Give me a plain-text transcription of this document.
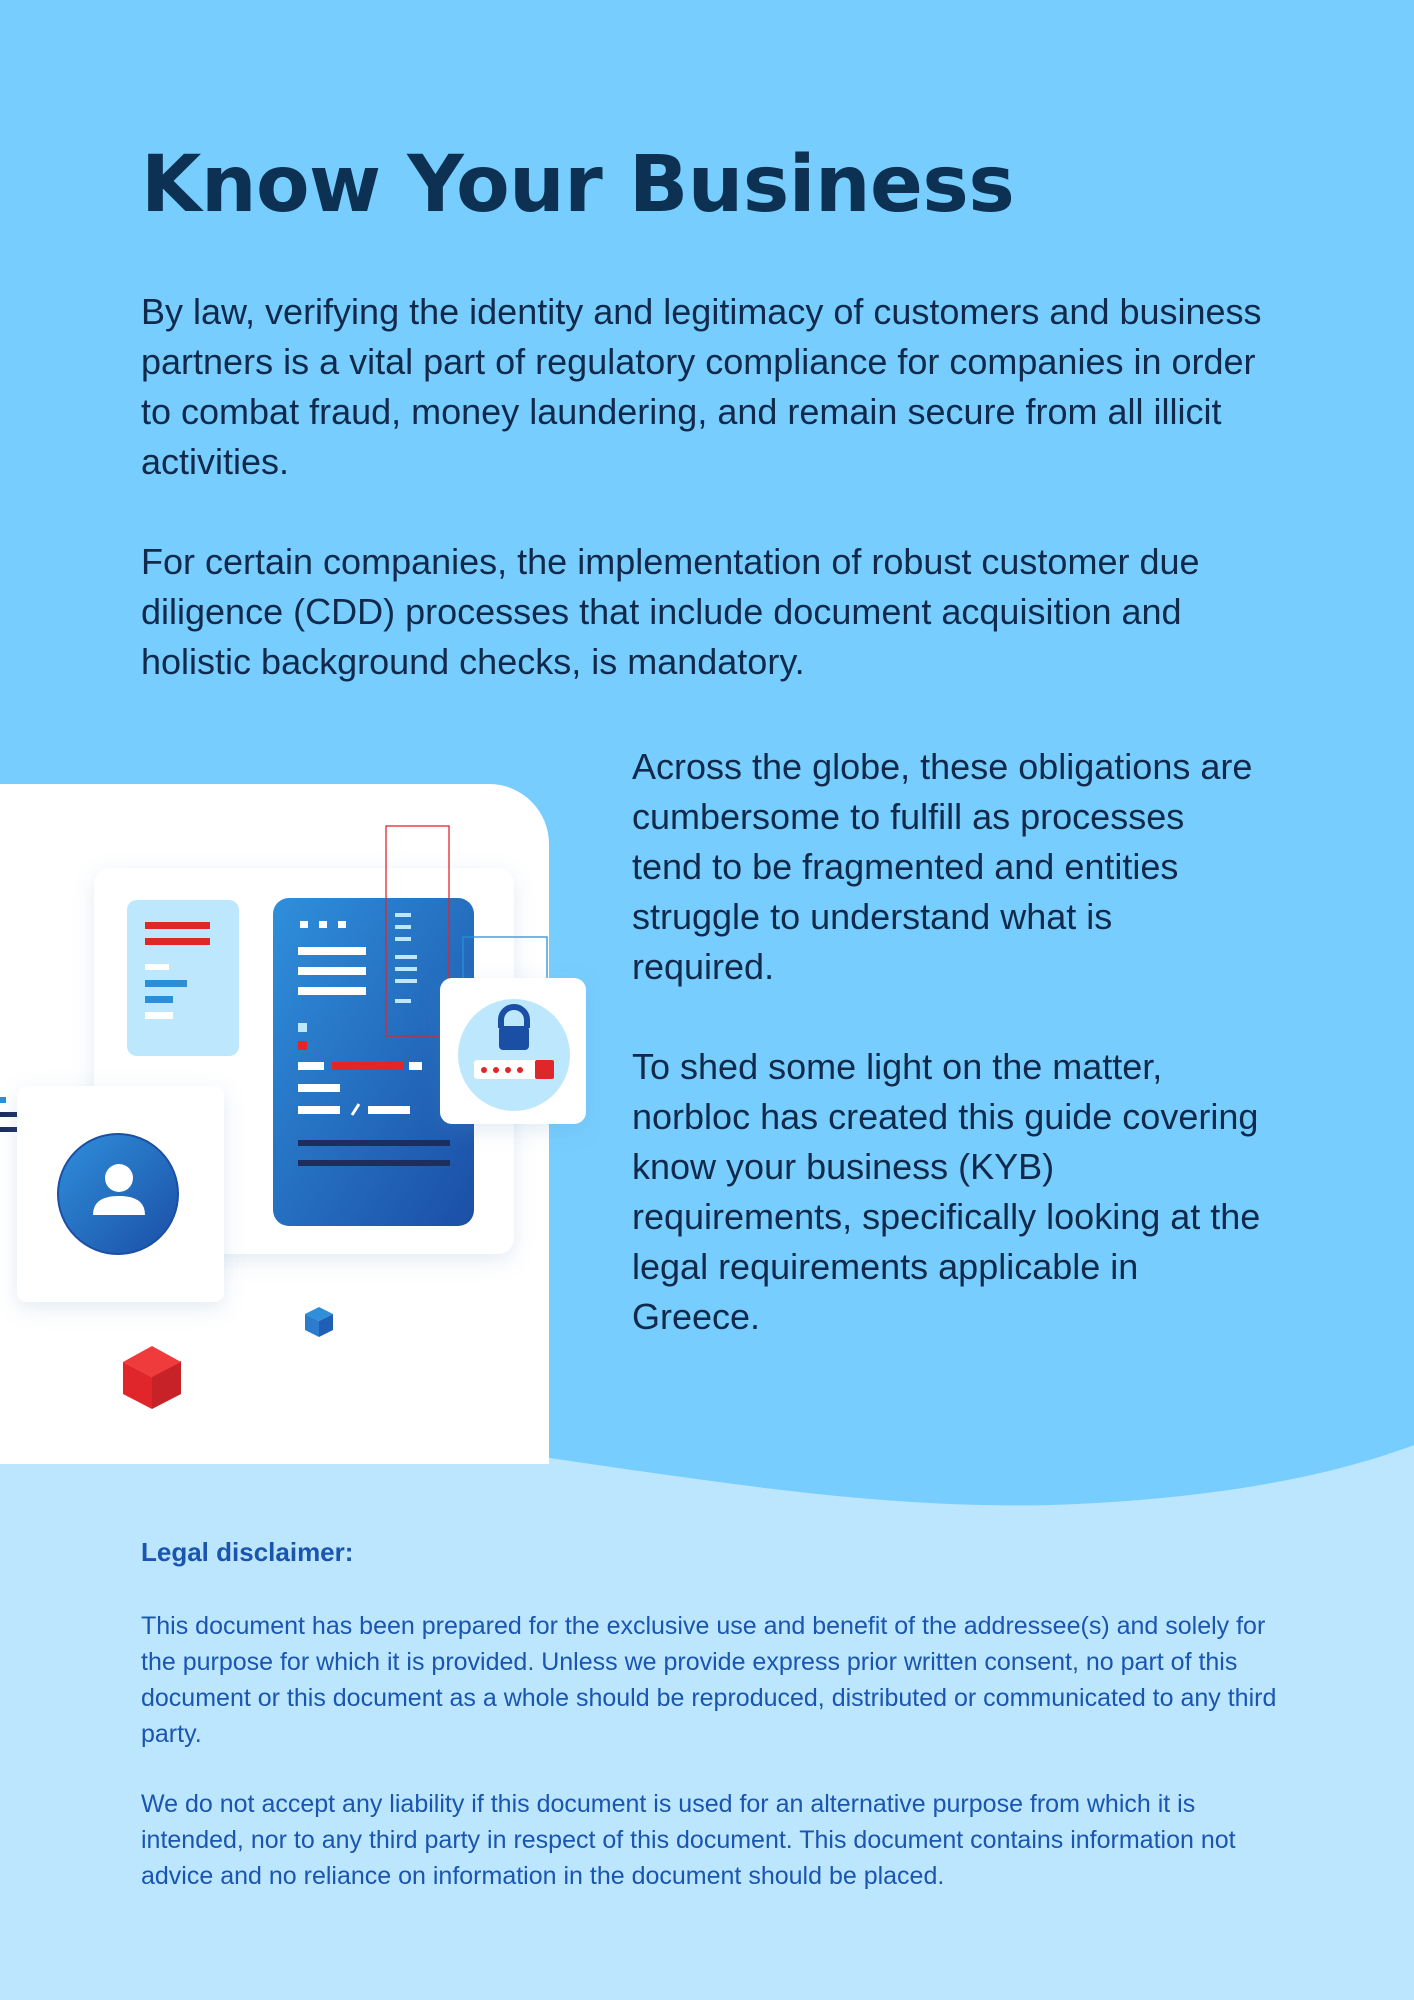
Know Your Business

By law, verifying the identity and legitimacy of customers and business partners is a vital part of regulatory compliance for companies in order to combat fraud, money laundering, and remain secure from all illicit activities.

For certain companies, the implementation of robust customer due diligence (CDD) processes that include document acquisition and holistic background checks, is mandatory.

Across the globe, these obligations are cumbersome to fulfill as processes tend to be fragmented and entities struggle to understand what is required.

To shed some light on the matter, norbloc has created this guide covering know your business (KYB) requirements, specifically looking at the legal requirements applicable in Greece.

Legal disclaimer:

This document has been prepared for the exclusive use and benefit of the addressee(s) and solely for the purpose for which it is provided. Unless we provide express prior written consent, no part of this document or this document as a whole should be reproduced, distributed or communicated to any third party.

We do not accept any liability if this document is used for an alternative purpose from which it is intended, nor to any third party in respect of this document. This document contains information not advice and no reliance on information in the document should be placed.
